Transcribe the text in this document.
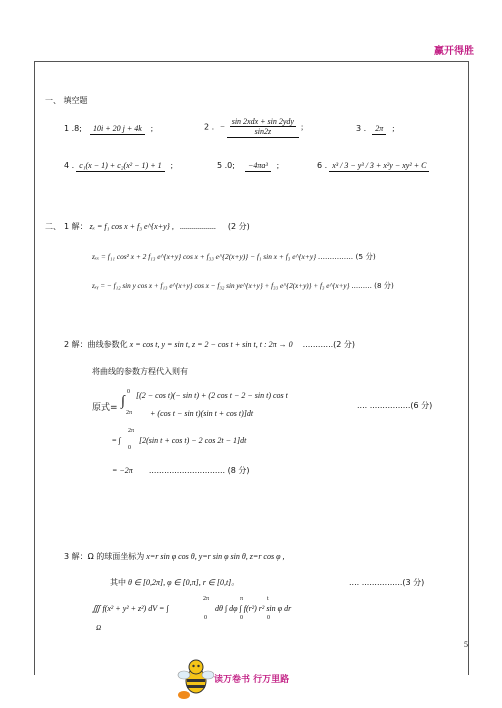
赢开得胜
一、 填空题
1 .8; 10i + 20 j + 4k ;	2 . − $\frac{\text{sin 2xdx + sin 2ydy}}{\sin 2z}$ ;	3 . 2π ;
4 . c₁(x − 1) + c₂(x² − 1) + 1 ;	5 .0; −4πa³ ;	6 . x³ / 3 − y³ / 3 + x²y − xy² + C
二、 1 解： zₓ = f₁ cos x + f₃ e^{x+y} , .................. (2 分)
zₓₓ = f₁₁ cos² x + 2 f₁₃ e^{x+y} cos x + f₃₃ e^{2(x+y)} − f₁ sin x + f₃ e^{x+y} ............... (5 分)
zₓᵧ = − f₁₂ sin y cos x + f₁₃ e^{x+y} cos x − f₃₂ sin ye^{x+y} + f₃₃ e^{2(x+y)} + f₃ e^{x+y} ......... (8 分)
2 解：曲线参数化 x = cos t, y = sin t, z = 2 − cos t + sin t, t : 2π → 0 ............(2 分)
将曲线的参数方程代入则有
原式= ∫
0
2π
[(2 − cos t)(− sin t) + (2 cos t − 2 − sin t) cos t
+ (cos t − sin t)(sin t + cos t)]dt
.... ................(6 分)
= ∫
2π
0
[2(sin t + cos t) − 2 cos 2t − 1]dt
= −2π .............................. (8 分)
3 解：Ω 的球面坐标为 x=r sin φ cos θ, y=r sin φ sin θ, z=r cos φ ,
其中 θ ∈ [0,2π], φ ∈ [0,π], r ∈ [0,t]。	.... ................(3 分)
∭ f(x² + y² + z²) dV = ∫	dθ ∫ dφ ∫ f(r²) r² sin φ dr
Ω
2π
0
π
0
t
0
5
读万卷书 行万里路
